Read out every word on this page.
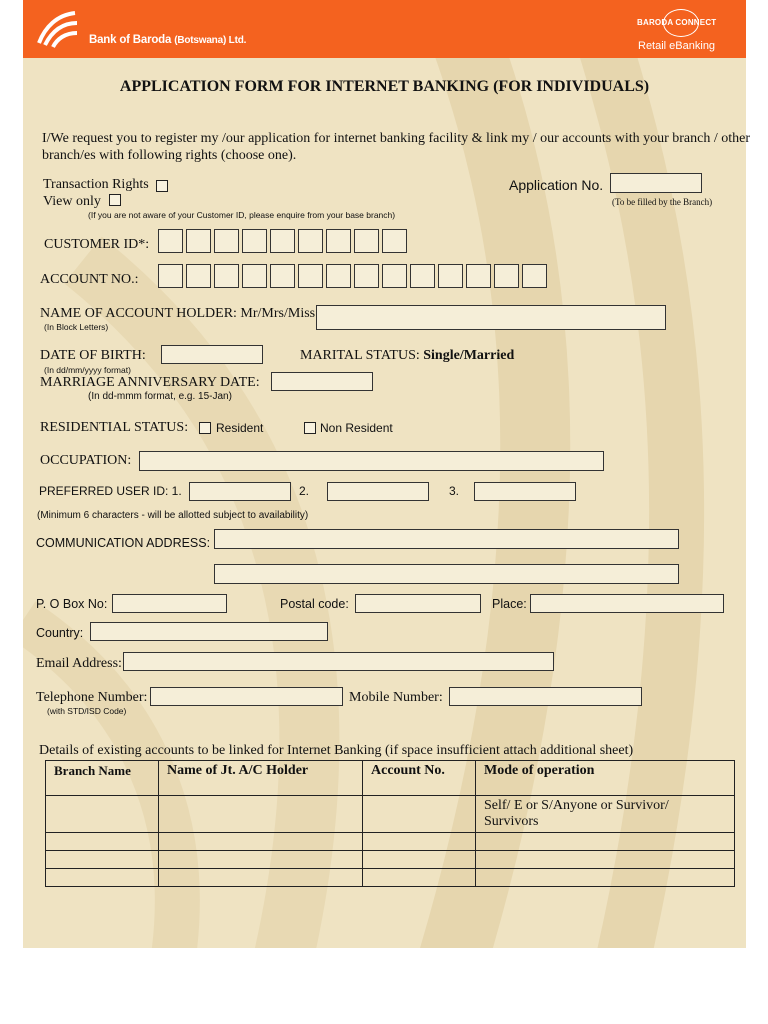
Bank of Baroda (Botswana) Ltd.
BARODA CONNECT
Retail eBanking
APPLICATION FORM FOR INTERNET BANKING (FOR INDIVIDUALS)
I/We request you to register my /our application for internet banking facility & link my / our accounts with your branch / other
branch/es with following rights (choose one).
Transaction Rights
View only
(If you are not aware of your Customer ID, please enquire from your base branch)
Application No.
(To be filled by the Branch)
CUSTOMER ID*:
ACCOUNT NO.:
NAME OF ACCOUNT HOLDER: Mr/Mrs/Miss
(In Block Letters)
DATE OF BIRTH:
(In dd/mm/yyyy format)
MARITAL STATUS: Single/Married
MARRIAGE ANNIVERSARY DATE:
(In dd-mmm format, e.g. 15-Jan)
RESIDENTIAL STATUS: Resident	Non Resident
OCCUPATION:
PREFERRED USER ID: 1.	2.	3.
(Minimum 6 characters - will be allotted subject to availability)
COMMUNICATION ADDRESS:
P. O Box No:	Postal code:	Place:
Country:
Email Address:
Telephone Number:
(with STD/ISD Code)
Mobile Number:
Details of existing accounts to be linked for Internet Banking (if space insufficient attach additional sheet)
Branch Name	Name of Jt. A/C Holder	Account No.	Mode of operation
			Self/ E or S/Anyone or Survivor/ Survivors
